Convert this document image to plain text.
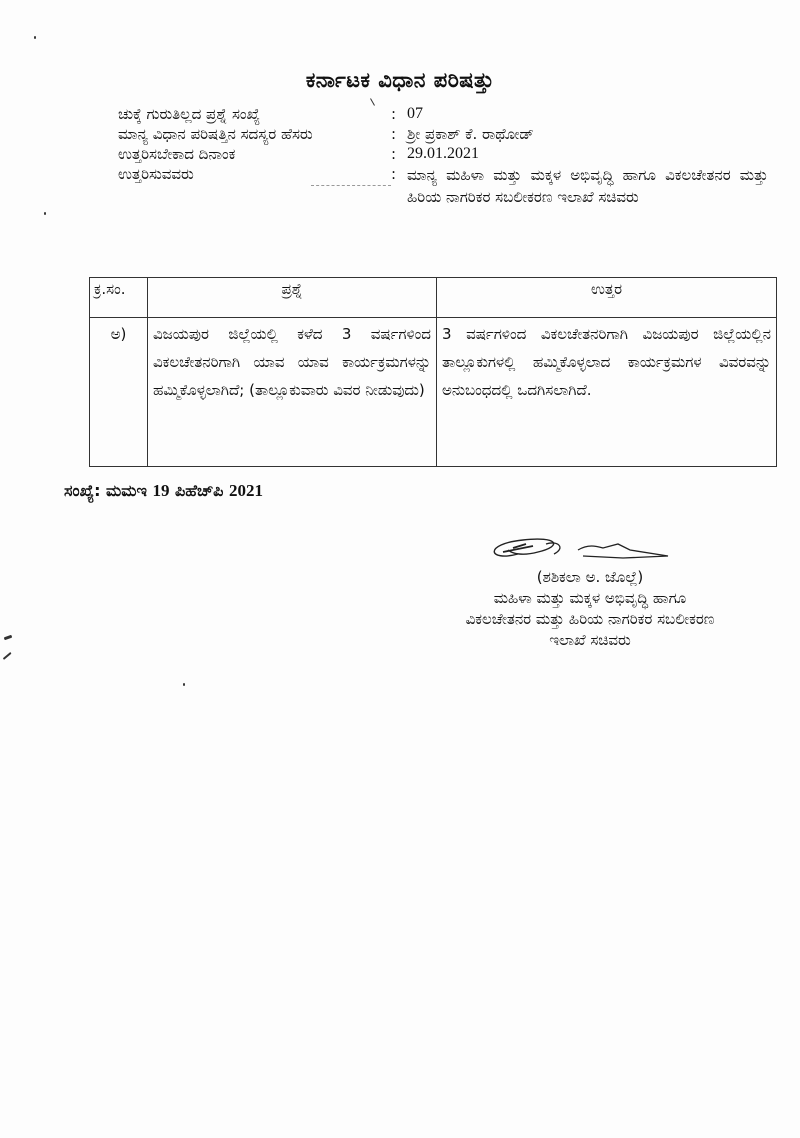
ಕರ್ನಾಟಕ ವಿಧಾನ ಪರಿಷತ್ತು
ಚುಕ್ಕೆ ಗುರುತಿಲ್ಲದ ಪ್ರಶ್ನೆ ಸಂಖ್ಯೆ	: 07
ಮಾನ್ಯ ವಿಧಾನ ಪರಿಷತ್ತಿನ ಸದಸ್ಯರ ಹೆಸರು	: ಶ್ರೀ ಪ್ರಕಾಶ್ ಕೆ. ರಾಥೋಡ್
ಉತ್ತರಿಸಬೇಕಾದ ದಿನಾಂಕ	: 29.01.2021
ಉತ್ತರಿಸುವವರು	: ಮಾನ್ಯ ಮಹಿಳಾ ಮತ್ತು ಮಕ್ಕಳ ಅಭಿವೃದ್ಧಿ ಹಾಗೂ ವಿಕಲಚೇತನರ ಮತ್ತು ಹಿರಿಯ ನಾಗರಿಕರ ಸಬಲೀಕರಣ ಇಲಾಖೆ ಸಚಿವರು
ಕ್ರ.ಸಂ.	ಪ್ರಶ್ನೆ	ಉತ್ತರ
ಅ)	ವಿಜಯಪುರ ಜಿಲ್ಲೆಯಲ್ಲಿ ಕಳೆದ 3 ವರ್ಷಗಳಿಂದ ವಿಕಲಚೇತನರಿಗಾಗಿ ಯಾವ ಯಾವ ಕಾರ್ಯಕ್ರಮಗಳನ್ನು ಹಮ್ಮಿಕೊಳ್ಳಲಾಗಿದೆ; (ತಾಲ್ಲೂಕುವಾರು ವಿವರ ನೀಡುವುದು)	3 ವರ್ಷಗಳಿಂದ ವಿಕಲಚೇತನರಿಗಾಗಿ ವಿಜಯಪುರ ಜಿಲ್ಲೆಯಲ್ಲಿನ ತಾಲ್ಲೂಕುಗಳಲ್ಲಿ ಹಮ್ಮಿಕೊಳ್ಳಲಾದ ಕಾರ್ಯಕ್ರಮಗಳ ವಿವರವನ್ನು ಅನುಬಂಧದಲ್ಲಿ ಒದಗಿಸಲಾಗಿದೆ.
ಸಂಖ್ಯೆ: ಮಮಇ 19 ಪಿಹೆಚ್‌ಪಿ 2021
(ಶಶಿಕಲಾ ಅ. ಜೊಲ್ಲೆ)
ಮಹಿಳಾ ಮತ್ತು ಮಕ್ಕಳ ಅಭಿವೃದ್ಧಿ ಹಾಗೂ
ವಿಕಲಚೇತನರ ಮತ್ತು ಹಿರಿಯ ನಾಗರಿಕರ ಸಬಲೀಕರಣ
ಇಲಾಖೆ ಸಚಿವರು
